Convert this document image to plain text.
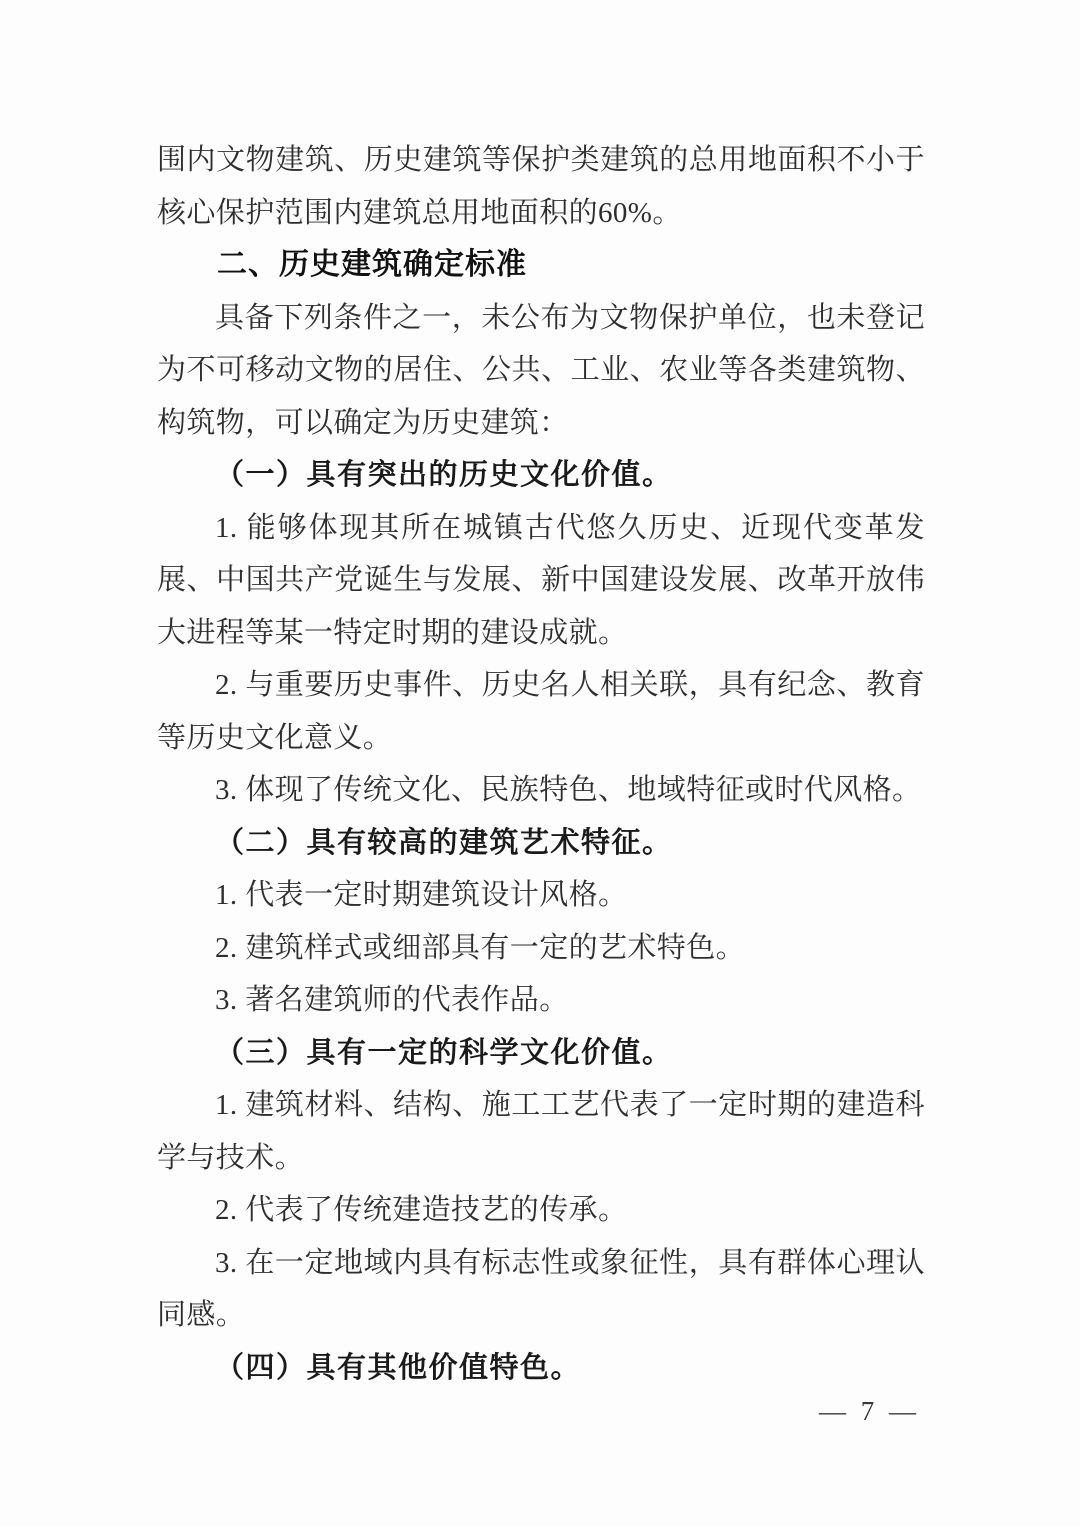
围内文物建筑、历史建筑等保护类建筑的总用地面积不小于核心保护范围内建筑总用地面积的60%。

二、历史建筑确定标准

具备下列条件之一，未公布为文物保护单位，也未登记为不可移动文物的居住、公共、工业、农业等各类建筑物、构筑物，可以确定为历史建筑：

（一）具有突出的历史文化价值。

1. 能够体现其所在城镇古代悠久历史、近现代变革发展、中国共产党诞生与发展、新中国建设发展、改革开放伟大进程等某一特定时期的建设成就。

2. 与重要历史事件、历史名人相关联，具有纪念、教育等历史文化意义。

3. 体现了传统文化、民族特色、地域特征或时代风格。

（二）具有较高的建筑艺术特征。

1. 代表一定时期建筑设计风格。

2. 建筑样式或细部具有一定的艺术特色。

3. 著名建筑师的代表作品。

（三）具有一定的科学文化价值。

1. 建筑材料、结构、施工工艺代表了一定时期的建造科学与技术。

2. 代表了传统建造技艺的传承。

3. 在一定地域内具有标志性或象征性，具有群体心理认同感。

（四）具有其他价值特色。

— 7 —
